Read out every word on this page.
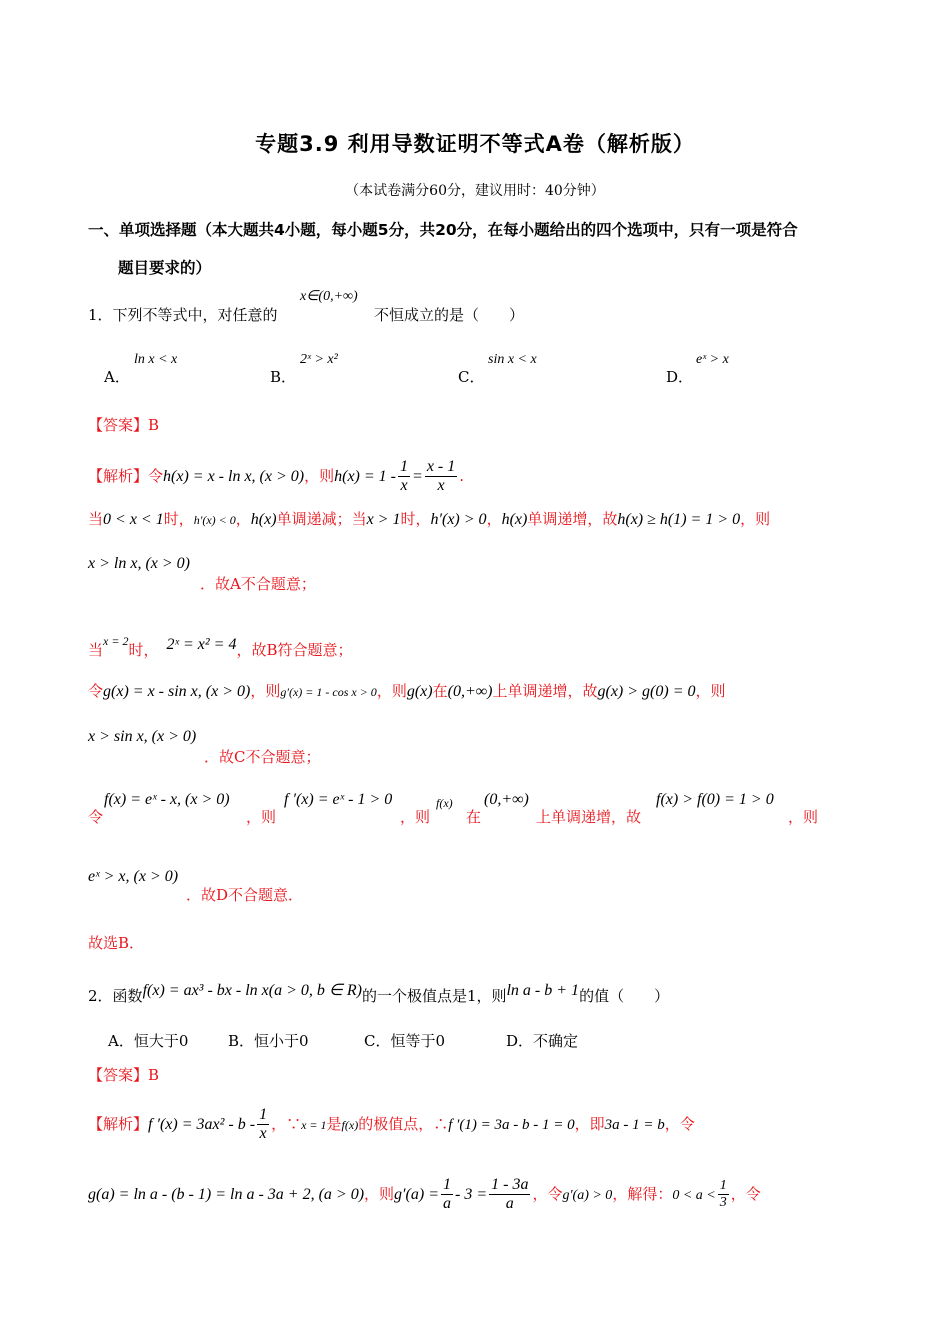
专题3.9 利用导数证明不等式A卷（解析版）
（本试卷满分60分，建议用时：40分钟）
一、单项选择题（本大题共4小题，每小题5分，共20分，在每小题给出的四个选项中，只有一项是符合
题目要求的）
1．下列不等式中，对任意的
x∈(0,+∞)
不恒成立的是（　　）
A．
ln x < x
B．
2ˣ > x²
C．
sin x < x
D．
eˣ > x
【答案】B
【解析】令h(x) = x - ln x, (x > 0)，则$h(x) = 1 - \frac{1}{x} = \frac{x - 1}{x}$ .
当0 < x < 1时，h′(x) < 0，h(x)单调递减；当x > 1时，h′(x) > 0，h(x)单调递增，故h(x) ≥ h(1) = 1 > 0，则
x > ln x, (x > 0)
．故A不合题意；
当$^{x = 2}$时， 2ˣ = x² = 4，故B符合题意；
令g(x) = x - sin x, (x > 0)，则g′(x) = 1 - cos x > 0，则g(x)在(0,+∞)上单调递增，故g(x) > g(0) = 0，则
x > sin x, (x > 0)
．故C不合题意；
令
f(x) = eˣ - x, (x > 0)
，则
f ′(x) = eˣ - 1 > 0
，则
f(x)
在
(0,+∞)
上单调递增，故
f(x) > f(0) = 1 > 0
，则
eˣ > x, (x > 0)
．故D不合题意．
故选B．
2．函数f(x) = ax³ - bx - ln x(a > 0, b ∈ R)的一个极值点是1，则ln a - b + 1的值（　　）
A．恒大于0	B．恒小于0	C．恒等于0	D．不确定
【答案】B
【解析】f $'(x) = 3ax^2 - b - \frac{1}{x}$ ，∵x = 1是f(x)的极值点，∴f ′(1) = 3a - b - 1 = 0，即3a - 1 = b，令
g(a) = ln a - (b - 1) = ln a - 3a + 2, (a > 0)，则$g'(a) = \frac{1}{a} - 3 = \frac{1 - 3a}{a}$ ，令g′(a) > 0，解得：$0 < a < \frac{1}{3}$ ，令
